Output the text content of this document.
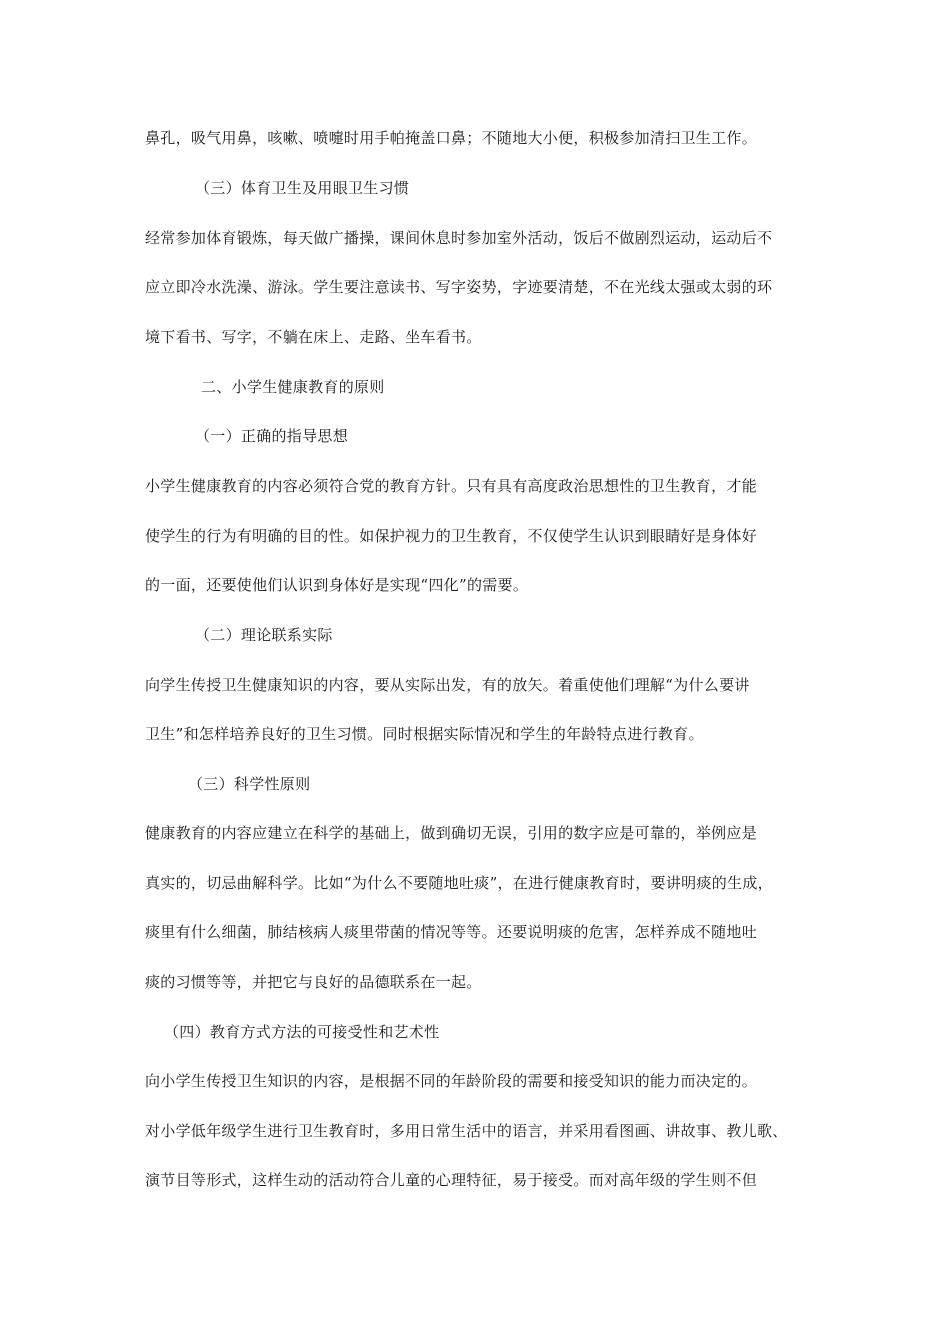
鼻孔，吸气用鼻，咳嗽、喷嚏时用手帕掩盖口鼻；不随地大小便，积极参加清扫卫生工作。

（三）体育卫生及用眼卫生习惯

经常参加体育锻炼，每天做广播操，课间休息时参加室外活动，饭后不做剧烈运动，运动后不

应立即冷水洗澡、游泳。学生要注意读书、写字姿势，字迹要清楚，不在光线太强或太弱的环

境下看书、写字，不躺在床上、走路、坐车看书。

二、小学生健康教育的原则

（一）正确的指导思想

小学生健康教育的内容必须符合党的教育方针。只有具有高度政治思想性的卫生教育，才能

使学生的行为有明确的目的性。如保护视力的卫生教育，不仅使学生认识到眼睛好是身体好

的一面，还要使他们认识到身体好是实现“四化”的需要。

（二）理论联系实际

向学生传授卫生健康知识的内容，要从实际出发，有的放矢。着重使他们理解“为什么要讲

卫生”和怎样培养良好的卫生习惯。同时根据实际情况和学生的年龄特点进行教育。

（三）科学性原则

健康教育的内容应建立在科学的基础上，做到确切无误，引用的数字应是可靠的，举例应是

真实的，切忌曲解科学。比如“为什么不要随地吐痰”，在进行健康教育时，要讲明痰的生成，

痰里有什么细菌，肺结核病人痰里带菌的情况等等。还要说明痰的危害，怎样养成不随地吐

痰的习惯等等，并把它与良好的品德联系在一起。

（四）教育方式方法的可接受性和艺术性

向小学生传授卫生知识的内容，是根据不同的年龄阶段的需要和接受知识的能力而决定的。

对小学低年级学生进行卫生教育时，多用日常生活中的语言，并采用看图画、讲故事、教儿歌、

演节目等形式，这样生动的活动符合儿童的心理特征，易于接受。而对高年级的学生则不但
